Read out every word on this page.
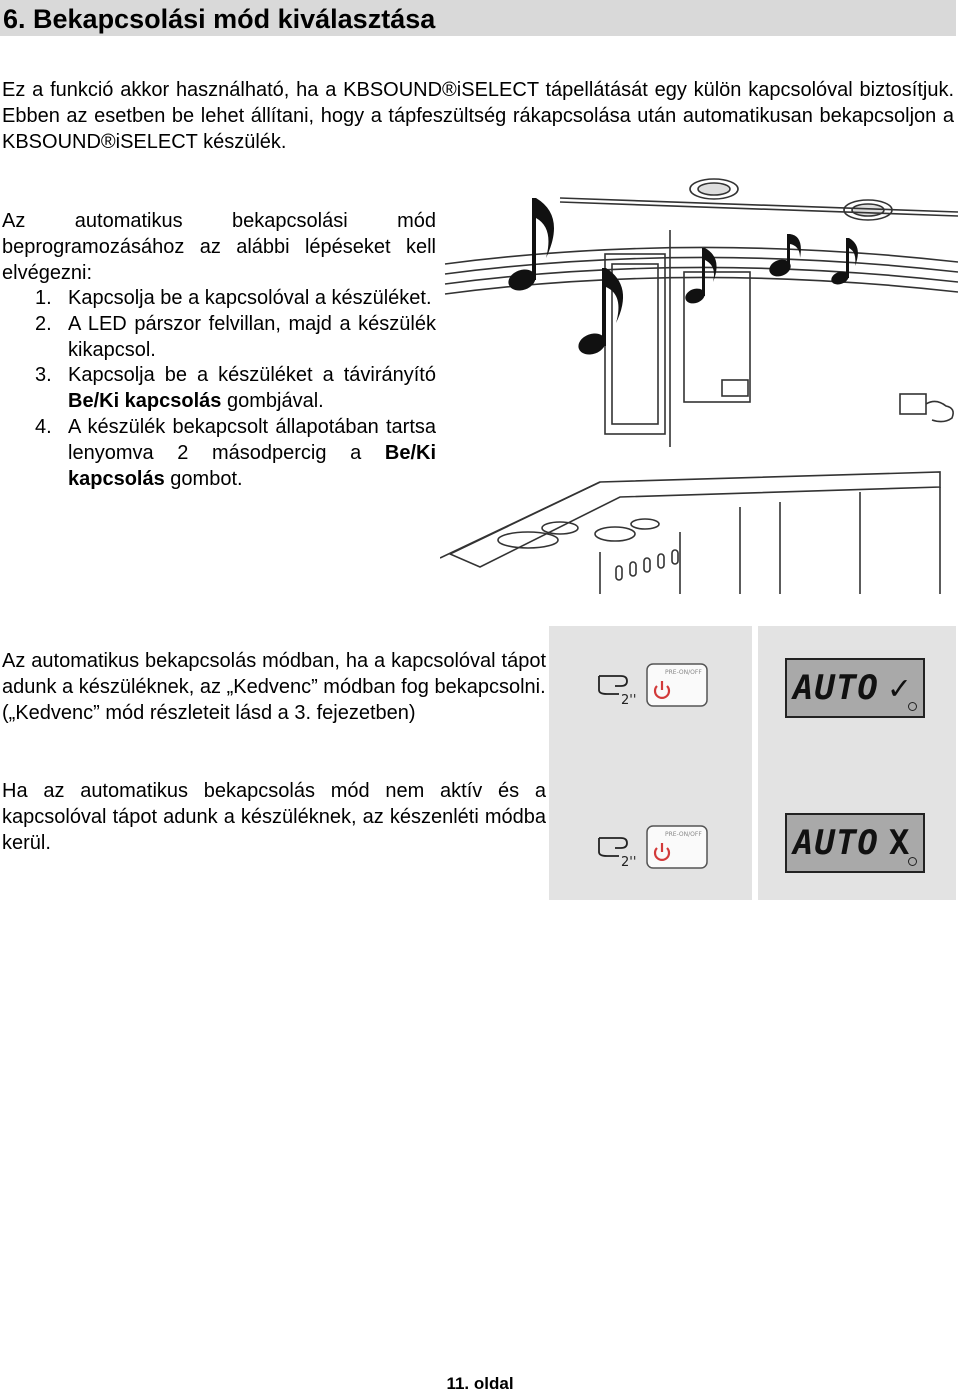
6. Bekapcsolási mód kiválasztása
Ez a funkció akkor használható, ha a KBSOUND®iSELECT tápellátását egy külön kapcsolóval biztosítjuk. Ebben az esetben be lehet állítani, hogy a tápfeszültség rákapcsolása után automatikusan bekapcsoljon a KBSOUND®iSELECT készülék.
Az automatikus bekapcsolási mód beprogramozásához az alábbi lépéseket kell elvégezni:
1. Kapcsolja be a kapcsolóval a készüléket.
2. A LED párszor felvillan, majd a készülék kikapcsol.
3. Kapcsolja be a készüléket a távirányító Be/Ki kapcsolás gombjával.
4. A készülék bekapcsolt állapotában tartsa lenyomva 2 másodpercig a Be/Ki kapcsolás gombot.
Az automatikus bekapcsolás módban, ha a kapcsolóval tápot adunk a készüléknek, az „Kedvenc” módban fog bekapcsolni.
(„Kedvenc” mód részleteit lásd a 3. fejezetben)
Ha az automatikus bekapcsolás mód nem aktív és a kapcsolóval tápot adunk a készüléknek, az készenléti módba kerül.
2''
PRE-ON/OFF
2''
PRE-ON/OFF
AUTO ✓
AUTO X
11. oldal
